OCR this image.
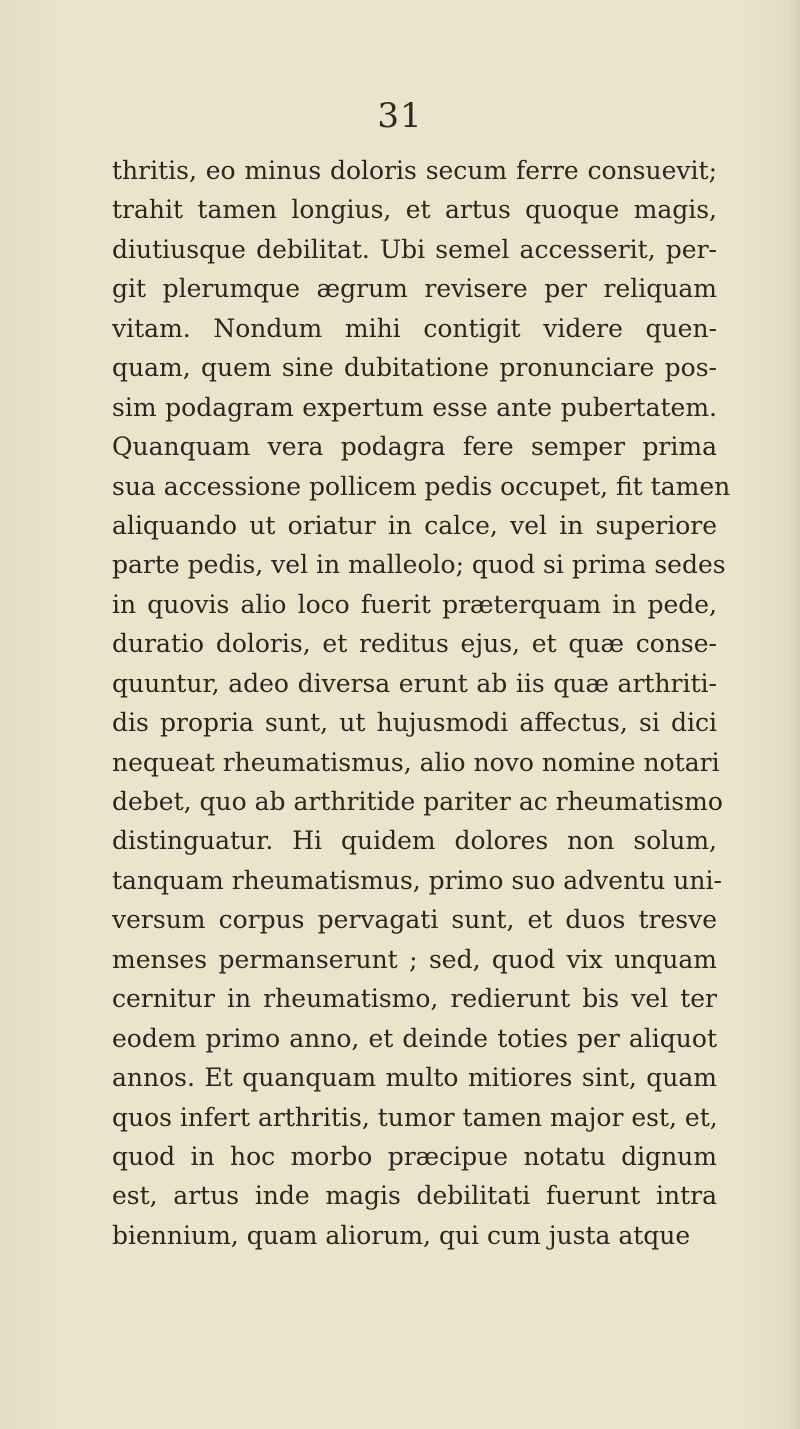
31
thritis, eo minus doloris secum ferre consuevit;
trahit tamen longius, et artus quoque magis,
diutiusque debilitat. Ubi semel accesserit, per-
git plerumque ægrum revisere per reliquam
vitam. Nondum mihi contigit videre quen-
quam, quem sine dubitatione pronunciare pos-
sim podagram expertum esse ante pubertatem.
Quanquam vera podagra fere semper prima
sua accessione pollicem pedis occupet, fit tamen
aliquando ut oriatur in calce, vel in superiore
parte pedis, vel in malleolo; quod si prima sedes
in quovis alio loco fuerit præterquam in pede,
duratio doloris, et reditus ejus, et quæ conse-
quuntur, adeo diversa erunt ab iis quæ arthriti-
dis propria sunt, ut hujusmodi affectus, si dici
nequeat rheumatismus, alio novo nomine notari
debet, quo ab arthritide pariter ac rheumatismo
distinguatur. Hi quidem dolores non solum,
tanquam rheumatismus, primo suo adventu uni-
versum corpus pervagati sunt, et duos tresve
menses permanserunt ; sed, quod vix unquam
cernitur in rheumatismo, redierunt bis vel ter
eodem primo anno, et deinde toties per aliquot
annos. Et quanquam multo mitiores sint, quam
quos infert arthritis, tumor tamen major est, et,
quod in hoc morbo præcipue notatu dignum
est, artus inde magis debilitati fuerunt intra
biennium, quam aliorum, qui cum justa atque
